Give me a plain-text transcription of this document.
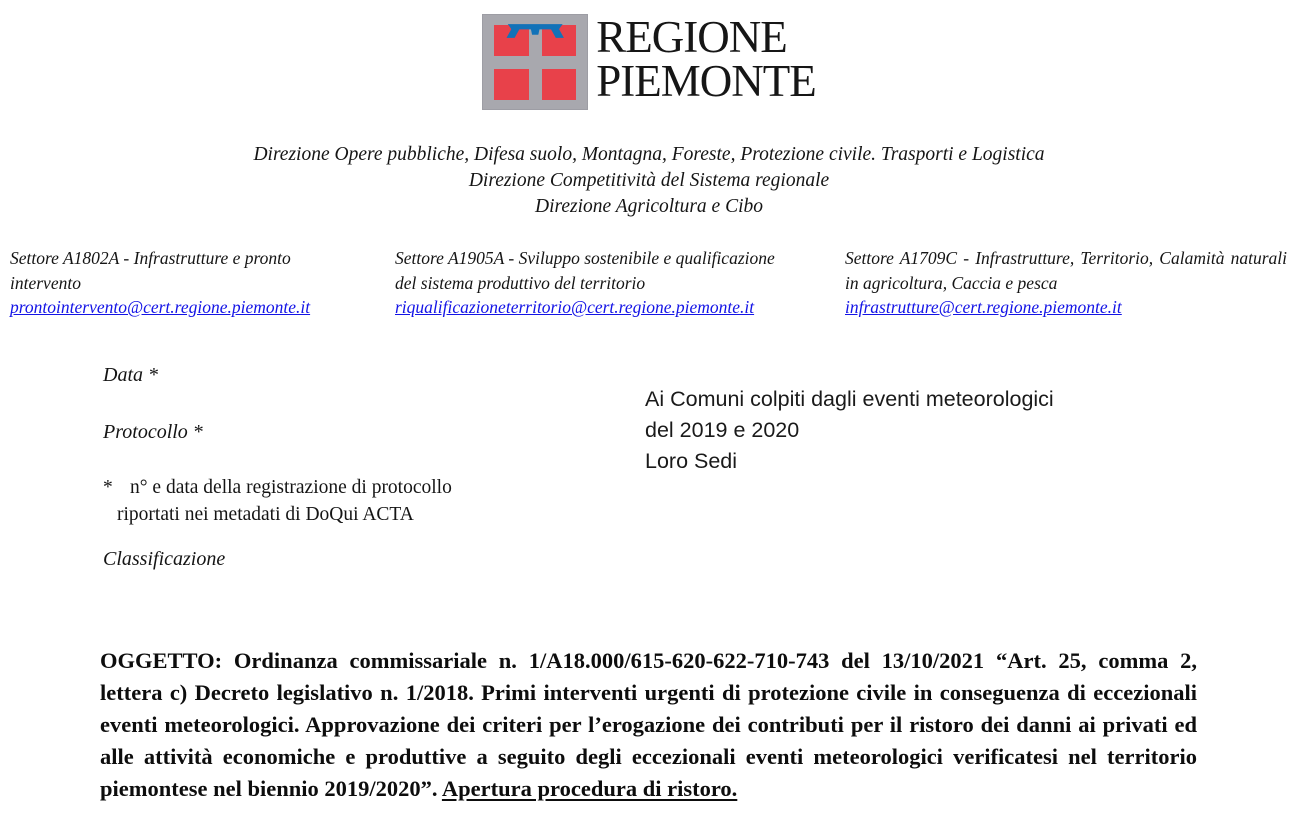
REGIONE
PIEMONTE
Direzione Opere pubbliche, Difesa suolo, Montagna, Foreste, Protezione civile. Trasporti e Logistica
Direzione Competitività del Sistema regionale
Direzione Agricoltura e Cibo
Settore A1802A - Infrastrutture e pronto intervento
prontointervento@cert.regione.piemonte.it
Settore A1905A - Sviluppo sostenibile e qualificazione del sistema produttivo del territorio
riqualificazioneterritorio@cert.regione.piemonte.it
Settore A1709C - Infrastrutture, Territorio, Calamità naturali in agricoltura, Caccia e pesca
infrastrutture@cert.regione.piemonte.it
Data *
Protocollo *
* n° e data della registrazione di protocollo
riportati nei metadati di DoQui ACTA
Classificazione
Ai Comuni colpiti dagli eventi meteorologici
del 2019 e 2020
Loro Sedi

OGGETTO: Ordinanza commissariale n. 1/A18.000/615-620-622-710-743 del 13/10/2021 “Art. 25, comma 2, lettera c) Decreto legislativo n. 1/2018. Primi interventi urgenti di protezione civile in conseguenza di eccezionali eventi meteorologici. Approvazione dei criteri per l’erogazione dei contributi per il ristoro dei danni ai privati ed alle attività economiche e produttive a seguito degli eccezionali eventi meteorologici verificatesi nel territorio piemontese nel biennio 2019/2020”. Apertura procedura di ristoro.
